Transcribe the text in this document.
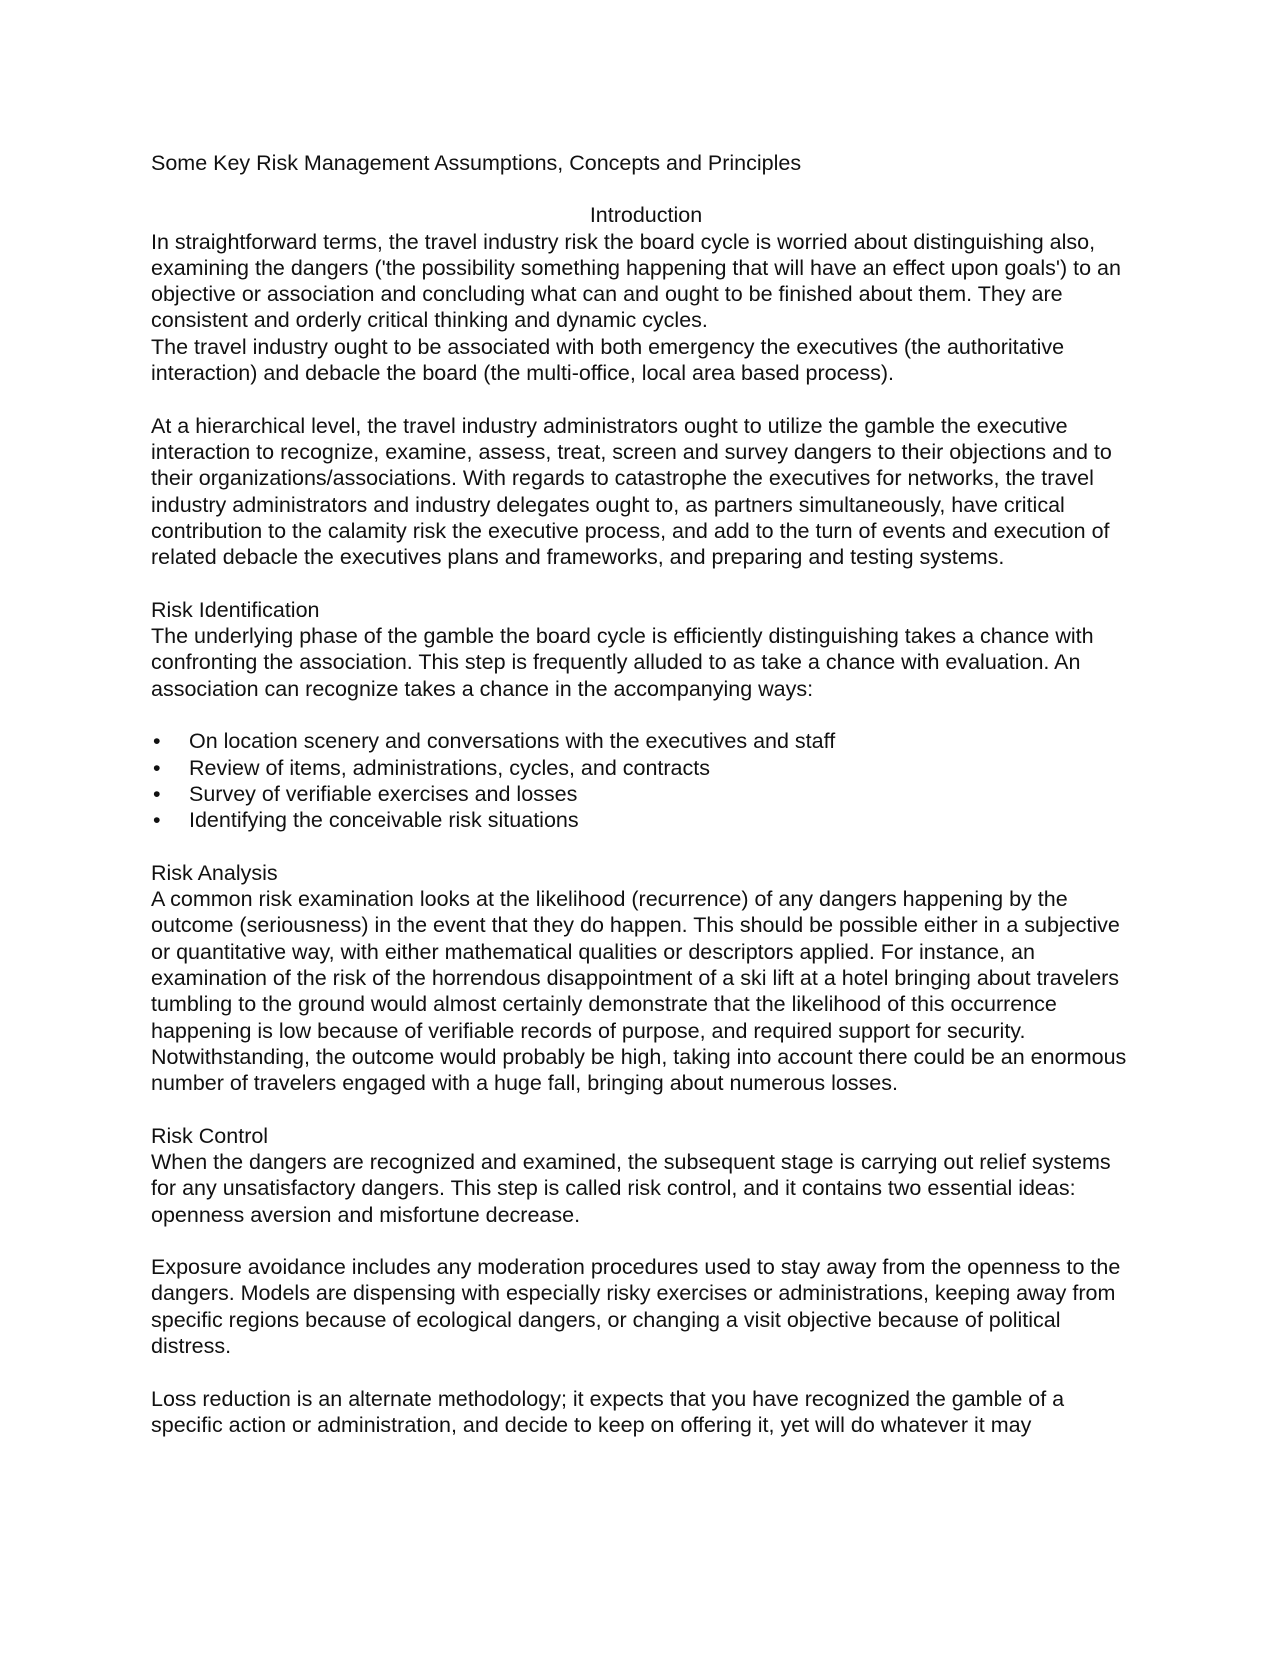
Some Key Risk Management Assumptions, Concepts and Principles
Introduction

In straightforward terms, the travel industry risk the board cycle is worried about distinguishing also, examining the dangers ('the possibility something happening that will have an effect upon goals') to an objective or association and concluding what can and ought to be finished about them. They are consistent and orderly critical thinking and dynamic cycles.

The travel industry ought to be associated with both emergency the executives (the authoritative interaction) and debacle the board (the multi-office, local area based process).

At a hierarchical level, the travel industry administrators ought to utilize the gamble the executive interaction to recognize, examine, assess, treat, screen and survey dangers to their objections and to their organizations/associations. With regards to catastrophe the executives for networks, the travel industry administrators and industry delegates ought to, as partners simultaneously, have critical contribution to the calamity risk the executive process, and add to the turn of events and execution of related debacle the executives plans and frameworks, and preparing and testing systems.

Risk Identification

The underlying phase of the gamble the board cycle is efficiently distinguishing takes a chance with confronting the association. This step is frequently alluded to as take a chance with evaluation. An association can recognize takes a chance in the accompanying ways:

•	On location scenery and conversations with the executives and staff
•	Review of items, administrations, cycles, and contracts
•	Survey of verifiable exercises and losses
•	Identifying the conceivable risk situations
Risk Analysis

A common risk examination looks at the likelihood (recurrence) of any dangers happening by the outcome (seriousness) in the event that they do happen. This should be possible either in a subjective or quantitative way, with either mathematical qualities or descriptors applied. For instance, an examination of the risk of the horrendous disappointment of a ski lift at a hotel bringing about travelers tumbling to the ground would almost certainly demonstrate that the likelihood of this occurrence happening is low because of verifiable records of purpose, and required support for security. Notwithstanding, the outcome would probably be high, taking into account there could be an enormous number of travelers engaged with a huge fall, bringing about numerous losses.

Risk Control

When the dangers are recognized and examined, the subsequent stage is carrying out relief systems for any unsatisfactory dangers. This step is called risk control, and it contains two essential ideas: openness aversion and misfortune decrease.

Exposure avoidance includes any moderation procedures used to stay away from the openness to the dangers. Models are dispensing with especially risky exercises or administrations, keeping away from specific regions because of ecological dangers, or changing a visit objective because of political distress.

Loss reduction is an alternate methodology; it expects that you have recognized the gamble of a specific action or administration, and decide to keep on offering it, yet will do whatever it may
